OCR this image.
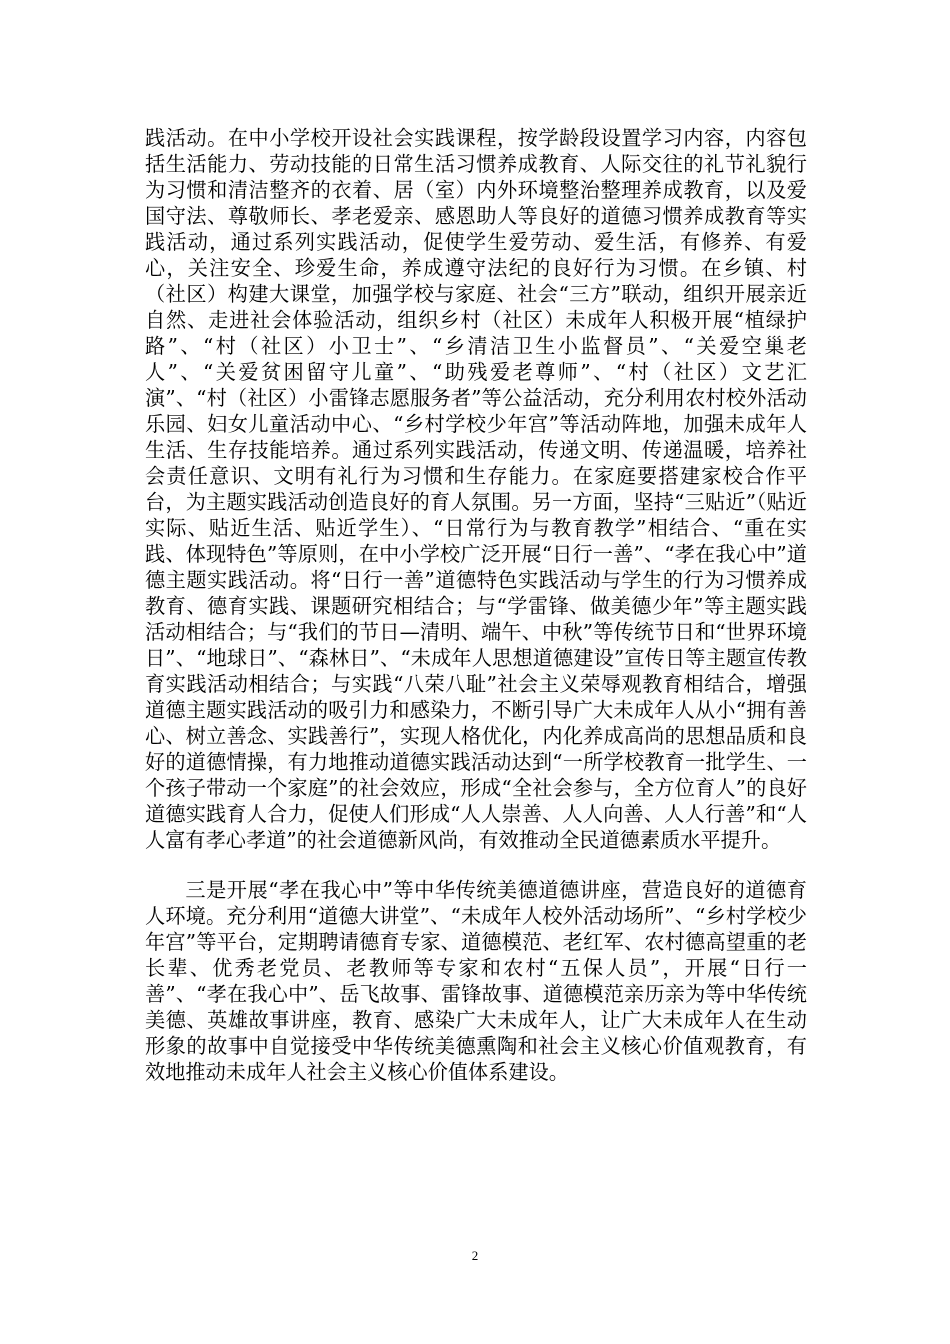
践活动。在中小学校开设社会实践课程，按学龄段设置学习内容，内容包括生活能力、劳动技能的日常生活习惯养成教育、人际交往的礼节礼貌行为习惯和清洁整齐的衣着、居（室）内外环境整治整理养成教育，以及爱国守法、尊敬师长、孝老爱亲、感恩助人等良好的道德习惯养成教育等实践活动，通过系列实践活动，促使学生爱劳动、爱生活，有修养、有爱心，关注安全、珍爱生命，养成遵守法纪的良好行为习惯。在乡镇、村（社区）构建大课堂，加强学校与家庭、社会“三方”联动，组织开展亲近自然、走进社会体验活动，组织乡村（社区）未成年人积极开展“植绿护路”、“村（社区）小卫士”、“乡清洁卫生小监督员”、“关爱空巢老人”、“关爱贫困留守儿童”、“助残爱老尊师”、“村（社区）文艺汇演”、“村（社区）小雷锋志愿服务者”等公益活动，充分利用农村校外活动乐园、妇女儿童活动中心、“乡村学校少年宫”等活动阵地，加强未成年人生活、生存技能培养。通过系列实践活动，传递文明、传递温暖，培养社会责任意识、文明有礼行为习惯和生存能力。在家庭要搭建家校合作平台，为主题实践活动创造良好的育人氛围。另一方面，坚持“三贴近”（贴近实际、贴近生活、贴近学生）、“日常行为与教育教学”相结合、“重在实践、体现特色”等原则，在中小学校广泛开展“日行一善”、“孝在我心中”道德主题实践活动。将“日行一善”道德特色实践活动与学生的行为习惯养成教育、德育实践、课题研究相结合；与“学雷锋、做美德少年”等主题实践活动相结合；与“我们的节日—清明、端午、中秋”等传统节日和“世界环境日”、“地球日”、“森林日”、“未成年人思想道德建设”宣传日等主题宣传教育实践活动相结合；与实践“八荣八耻”社会主义荣辱观教育相结合，增强道德主题实践活动的吸引力和感染力，不断引导广大未成年人从小“拥有善心、树立善念、实践善行”，实现人格优化，内化养成高尚的思想品质和良好的道德情操，有力地推动道德实践活动达到“一所学校教育一批学生、一个孩子带动一个家庭”的社会效应，形成“全社会参与，全方位育人”的良好道德实践育人合力，促使人们形成“人人崇善、人人向善、人人行善”和“人人富有孝心孝道”的社会道德新风尚，有效推动全民道德素质水平提升。

三是开展“孝在我心中”等中华传统美德道德讲座，营造良好的道德育人环境。充分利用“道德大讲堂”、“未成年人校外活动场所”、“乡村学校少年宫”等平台，定期聘请德育专家、道德模范、老红军、农村德高望重的老长辈、优秀老党员、老教师等专家和农村“五保人员”，开展“日行一善”、“孝在我心中”、岳飞故事、雷锋故事、道德模范亲历亲为等中华传统美德、英雄故事讲座，教育、感染广大未成年人，让广大未成年人在生动形象的故事中自觉接受中华传统美德熏陶和社会主义核心价值观教育，有效地推动未成年人社会主义核心价值体系建设。

2
